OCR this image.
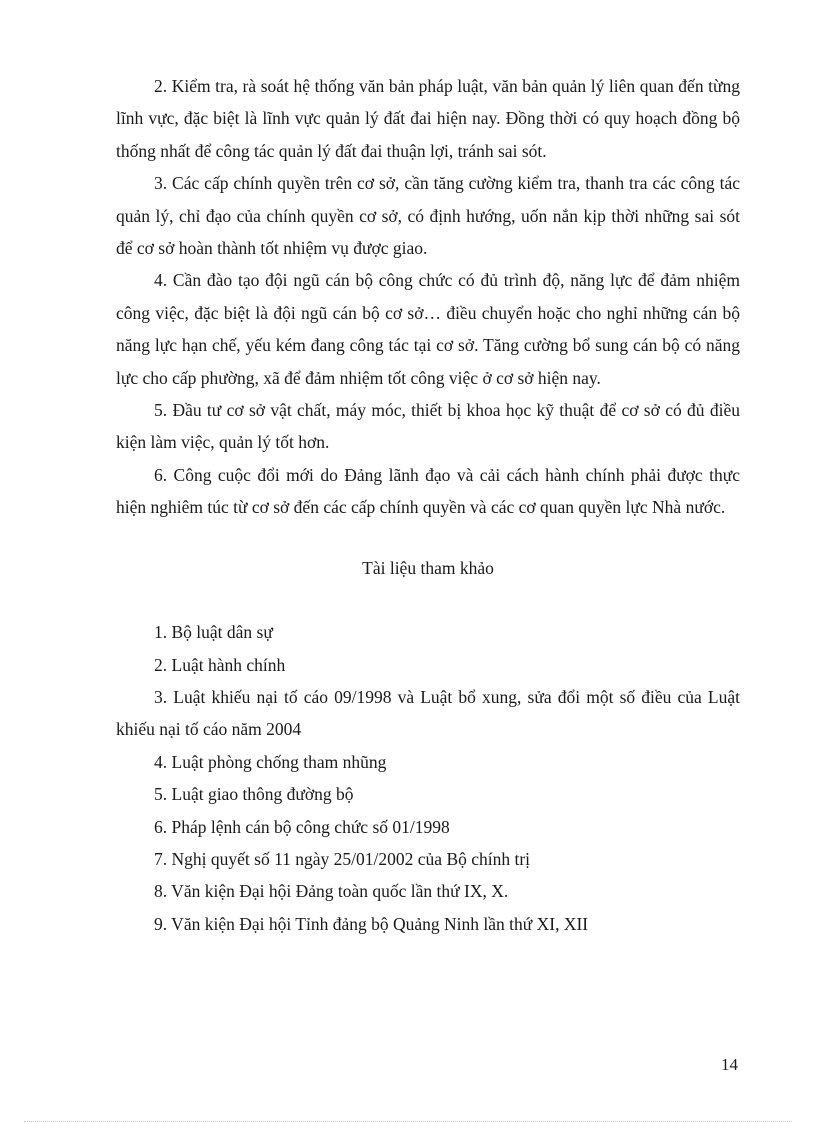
2. Kiểm tra, rà soát hệ thống văn bản pháp luật, văn bản quản lý liên quan đến từng lĩnh vực, đặc biệt là lĩnh vực quản lý đất đai hiện nay. Đồng thời có quy hoạch đồng bộ thống nhất để công tác quản lý đất đai thuận lợi, tránh sai sót.

3. Các cấp chính quyền trên cơ sở, cần tăng cường kiểm tra, thanh tra các công tác quản lý, chỉ đạo của chính quyền cơ sở, có định hướng, uốn nắn kịp thời những sai sót để cơ sở hoàn thành tốt nhiệm vụ được giao.

4. Cần đào tạo đội ngũ cán bộ công chức có đủ trình độ, năng lực để đảm nhiệm công việc, đặc biệt là đội ngũ cán bộ cơ sở… điều chuyển hoặc cho nghỉ những cán bộ năng lực hạn chế, yếu kém đang công tác tại cơ sở. Tăng cường bổ sung cán bộ có năng lực cho cấp phường, xã để đảm nhiệm tốt công việc ở cơ sở hiện nay.

5. Đầu tư cơ sở vật chất, máy móc, thiết bị khoa học kỹ thuật để cơ sở có đủ điều kiện làm việc, quản lý tốt hơn.

6. Công cuộc đổi mới do Đảng lãnh đạo và cải cách hành chính phải được thực hiện nghiêm túc từ cơ sở đến các cấp chính quyền và các cơ quan quyền lực Nhà nước.

Tài liệu tham khảo
1. Bộ luật dân sự
2. Luật hành chính
3. Luật khiếu nại tố cáo 09/1998 và Luật bổ xung, sửa đổi một số điều của Luật khiếu nại tố cáo năm 2004
4. Luật phòng chống tham nhũng
5. Luật giao thông đường bộ
6. Pháp lệnh cán bộ công chức số 01/1998
7. Nghị quyết số 11 ngày 25/01/2002 của Bộ chính trị
8. Văn kiện Đại hội Đảng toàn quốc lần thứ IX, X.
9. Văn kiện Đại hội Tỉnh đảng bộ Quảng Ninh lần thứ XI, XII
14
